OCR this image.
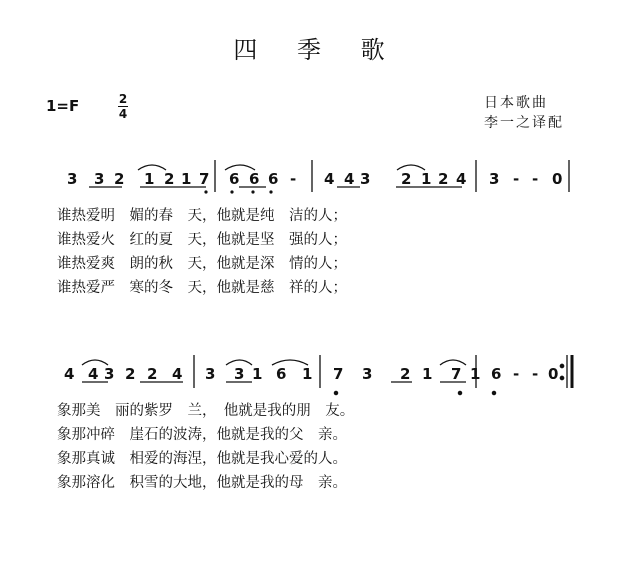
四 季 歌
1=F	2
4
日本歌曲
李一之译配
3 3 2 1 2 1 7 6 6 6 - 4 4 3 2 1 2 4 3 - - 0
4 4 3 2 2 4 3 3 1 6 1 7 3 2 1 7 1 6 - - 0
谁热爱明　媚的春　天，他就是纯　洁的人；
谁热爱火　红的夏　天，他就是坚　强的人；
谁热爱爽　朗的秋　天，他就是深　情的人；
谁热爱严　寒的冬　天，他就是慈　祥的人；
象那美　丽的紫罗　兰，　他就是我的朋　友。
象那冲碎　崖石的波涛，他就是我的父　亲。
象那真诚　相爱的海涅，他就是我心爱的人。
象那溶化　积雪的大地，他就是我的母　亲。
